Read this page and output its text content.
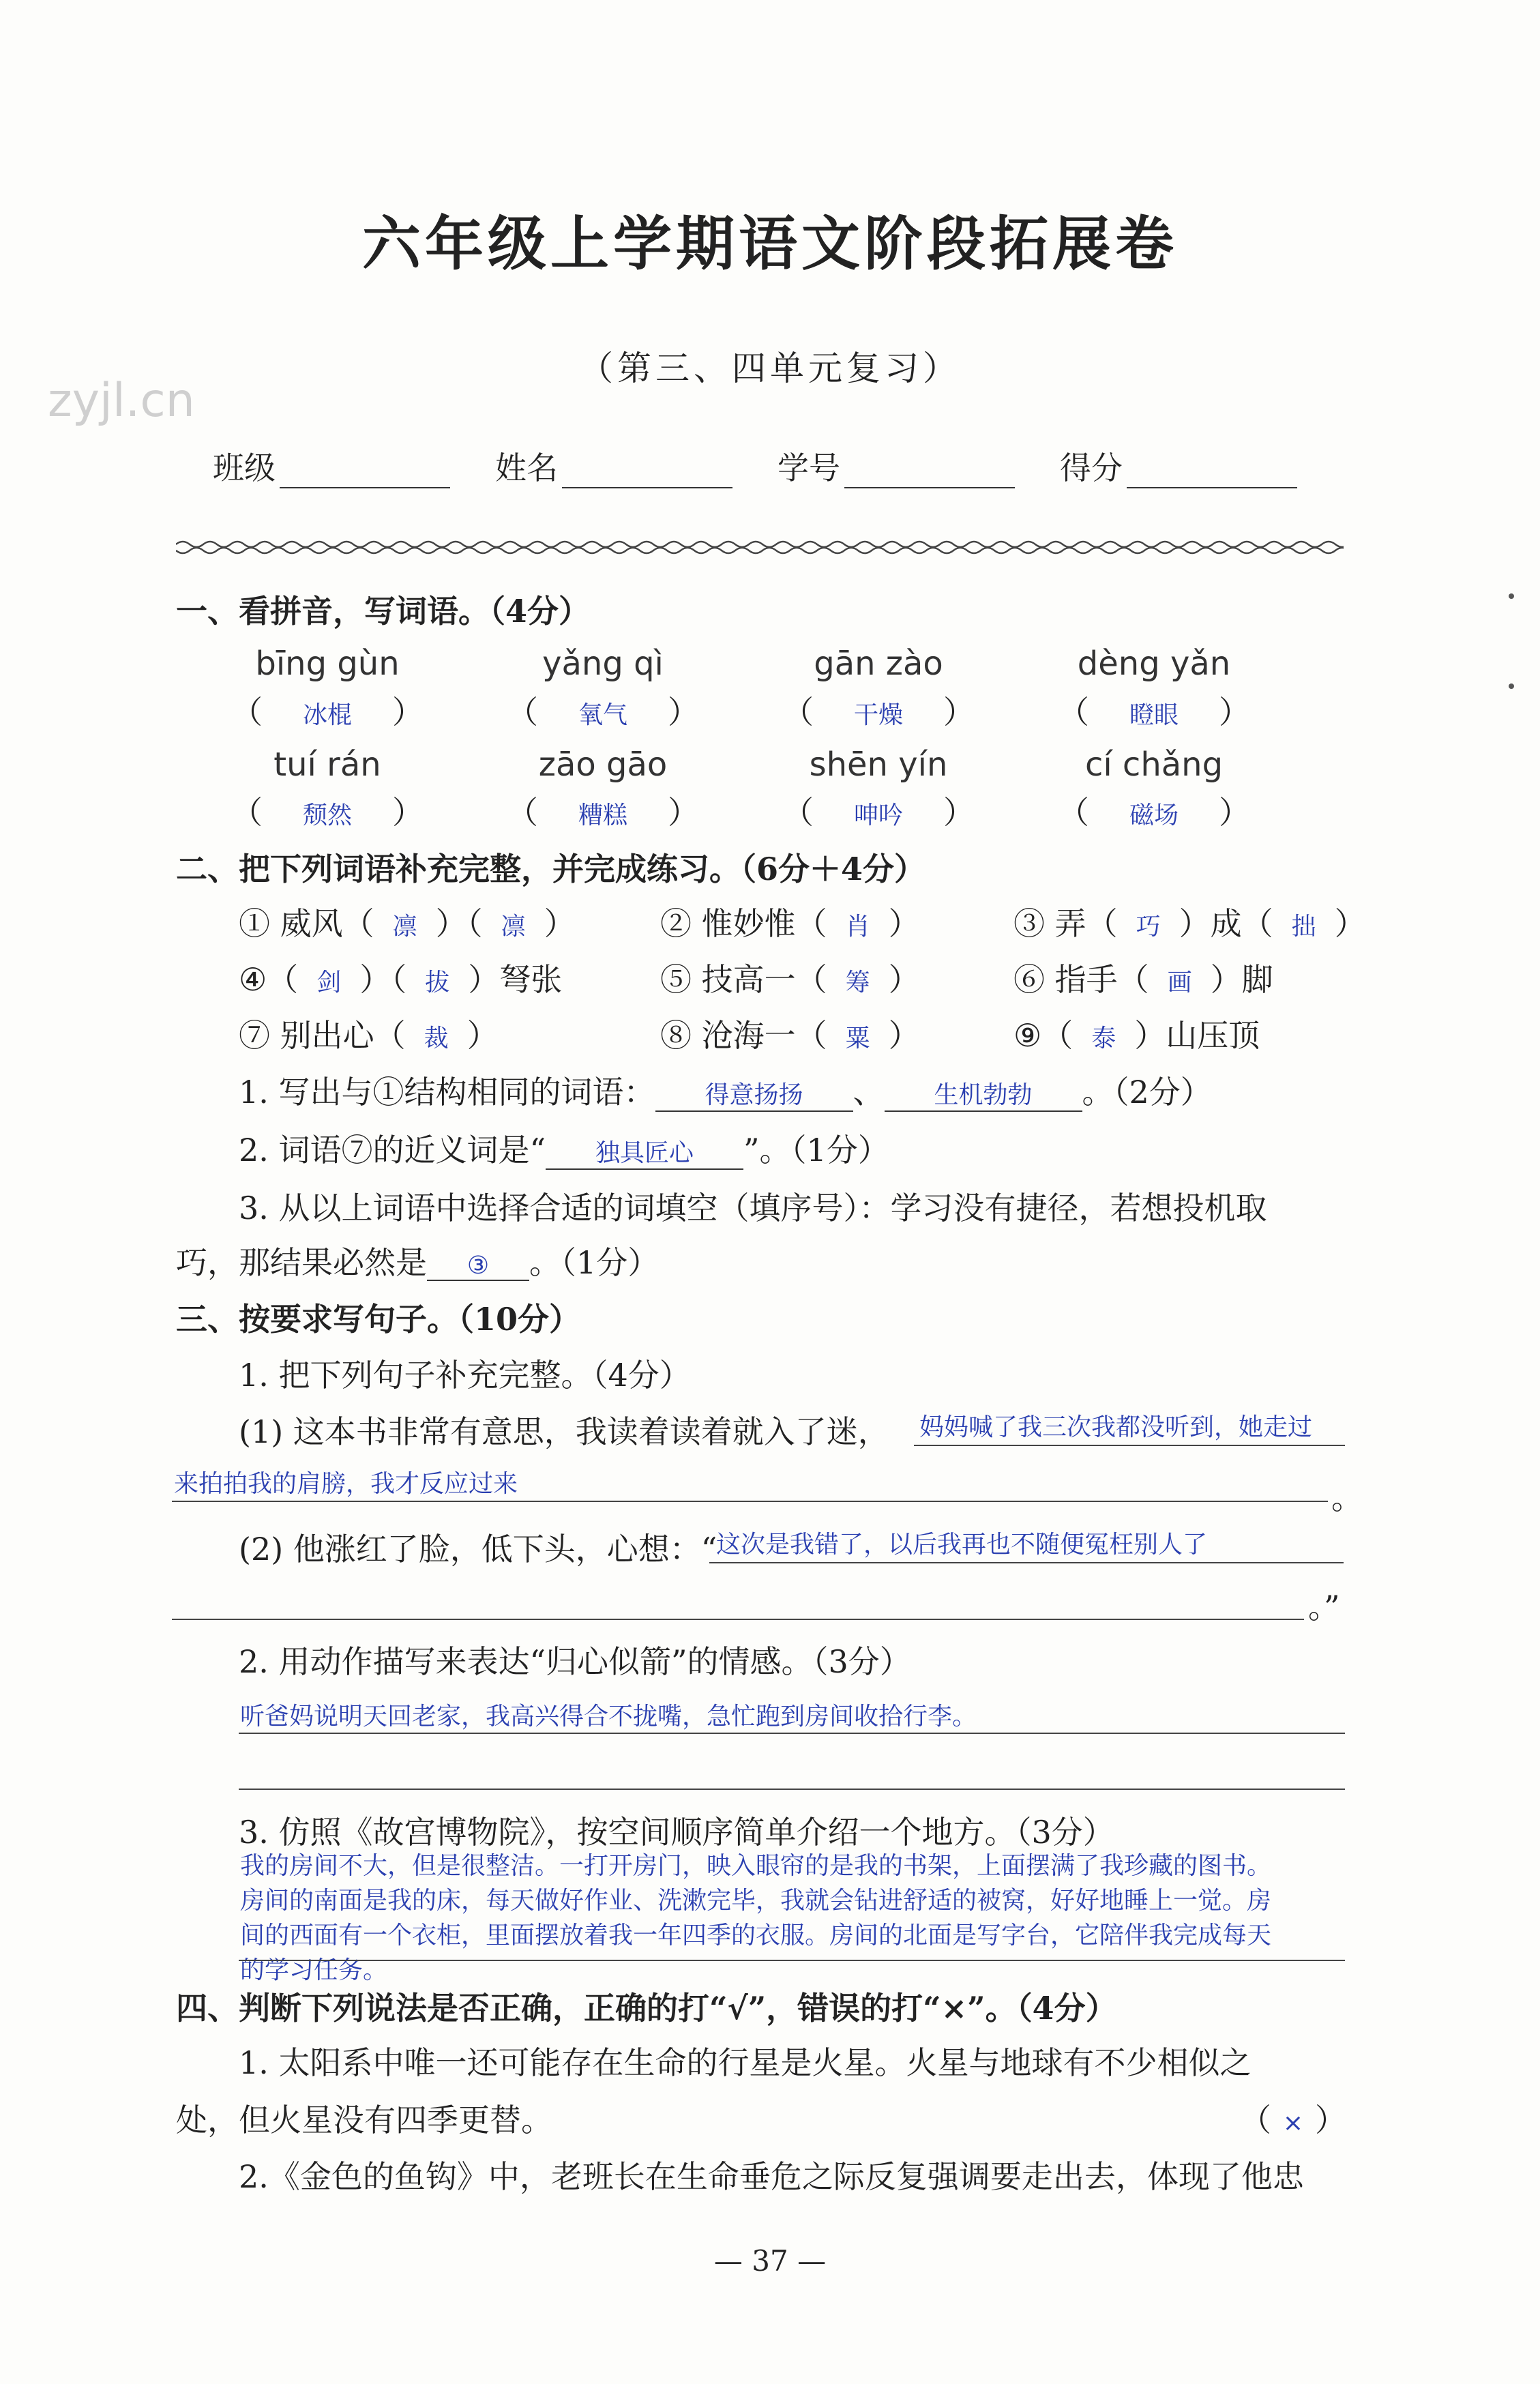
六年级上学期语文阶段拓展卷
zyjl.cn
（第三、四单元复习）
班级	姓名	学号	得分
一、看拼音，写词语。（4分）
bīng gùn	yǎng qì	gān zào	dèng yǎn
（ 冰棍 ）	（ 氧气 ）	（ 干燥 ）	（ 瞪眼 ）
tuí rán	zāo gāo	shēn yín	cí chǎng
（ 颓然 ）	（ 糟糕 ）	（ 呻吟 ）	（ 磁场 ）
二、把下列词语补充完整，并完成练习。（6分＋4分）
① 威风（ 凛 ）（ 凛 ）	② 惟妙惟（ 肖 ）	③ 弄（ 巧 ）成（ 拙 ）
④（ 剑 ）（ 拔 ）弩张	⑤ 技高一（ 筹 ）	⑥ 指手（ 画 ）脚
⑦ 别出心（ 裁 ）	⑧ 沧海一（ 粟 ）	⑨（ 泰 ）山压顶
1. 写出与①结构相同的词语： 得意扬扬 、 生机勃勃 。（2分）
2. 词语⑦的近义词是“ 独具匠心 ”。（1分）
3. 从以上词语中选择合适的词填空（填序号）：学习没有捷径，若想投机取
巧，那结果必然是 ③ 。（1分）
三、按要求写句子。（10分）
1. 把下列句子补充完整。（4分）
(1) 这本书非常有意思，我读着读着就入了迷， 妈妈喊了我三次我都没听到，她走过
来拍拍我的肩膀，我才反应过来	。
(2) 他涨红了脸，低下头，心想：“
这次是我错了，以后我再也不随便冤枉别人了
。”
2. 用动作描写来表达“归心似箭”的情感。（3分）
听爸妈说明天回老家，我高兴得合不拢嘴，急忙跑到房间收拾行李。
3. 仿照《故宫博物院》，按空间顺序简单介绍一个地方。（3分）
我的房间不大，但是很整洁。一打开房门，映入眼帘的是我的书架，上面摆满了我珍藏的图书。
房间的南面是我的床，每天做好作业、洗漱完毕，我就会钻进舒适的被窝，好好地睡上一觉。房
间的西面有一个衣柜，里面摆放着我一年四季的衣服。房间的北面是写字台，它陪伴我完成每天
的学习任务。
四、判断下列说法是否正确，正确的打“√”，错误的打“×”。（4分）
1. 太阳系中唯一还可能存在生命的行星是火星。火星与地球有不少相似之
处，但火星没有四季更替。	（ × ）
2.《金色的鱼钩》中，老班长在生命垂危之际反复强调要走出去，体现了他忠
— 37 —
